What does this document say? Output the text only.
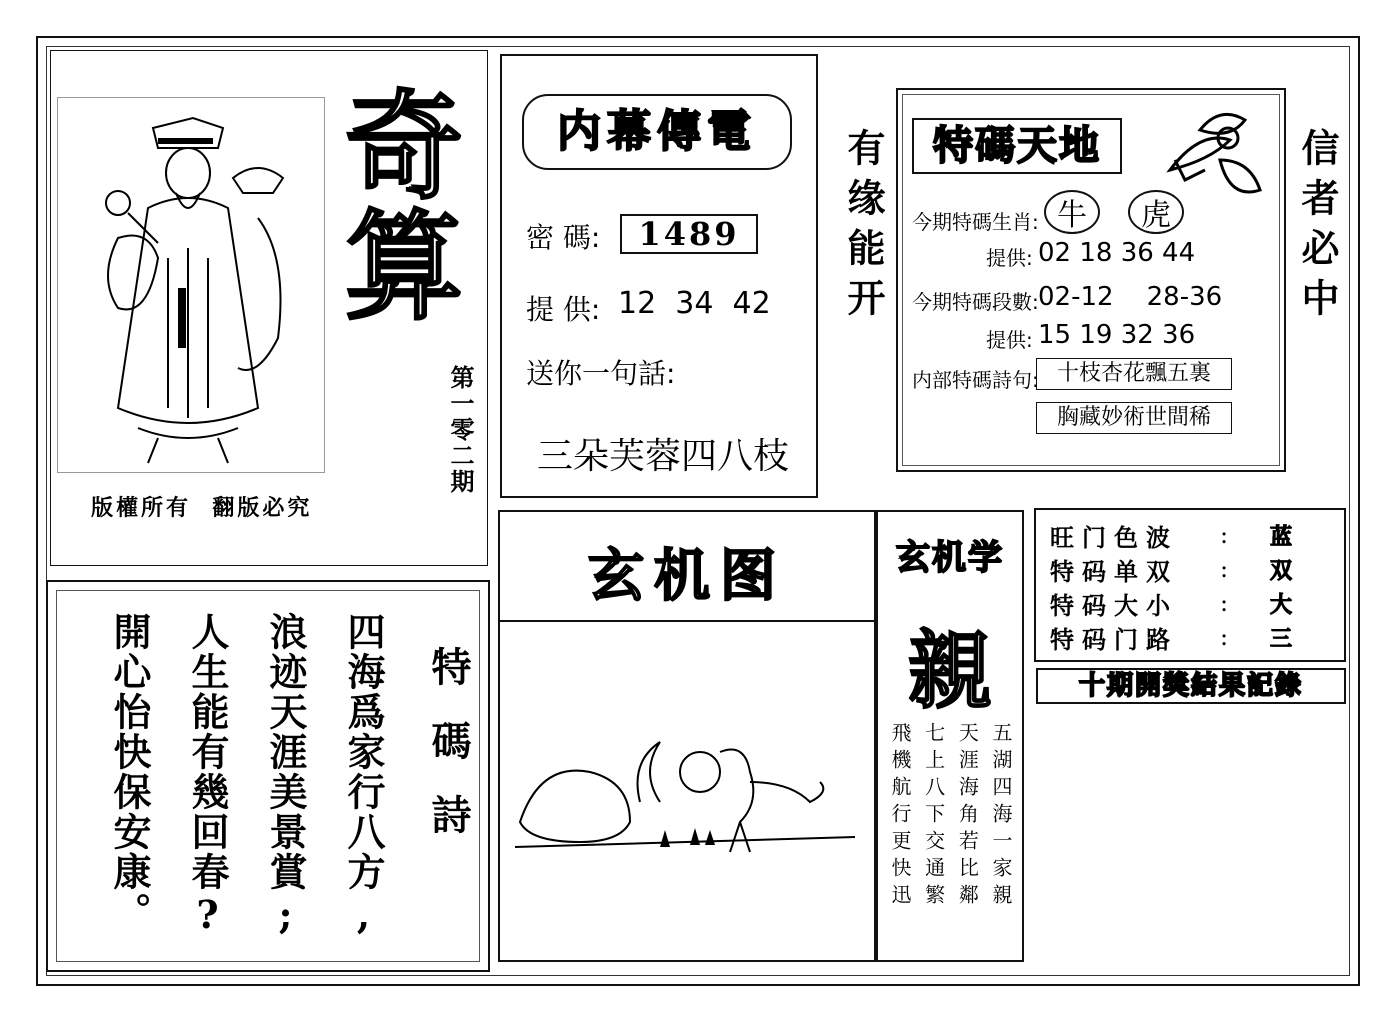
奇
算
第一零二期
版權所有  翻版必究
内幕傳電
密 碼:	1489
提 供: 12  34  42
送你一句話:
三朵芙蓉四八枝
有缘能开	信者必中
特碼天地
今期特碼生肖: 牛	虎
提供: 02 18 36 44
今期特碼段數: 02-12    28-36
提供: 15 19 32 36
内部特碼詩句: 十枝杏花飄五裏
胸藏妙術世間稀
玄机图	玄机学
親
五湖四海一家親
天涯海角若比鄰
七上八下交通繁
飛機航行更快迅
旺门色波	:	蓝
特码单双	:	双
特码大小	:	大
特码门路	:	三
十期開獎結果記錄
特碼詩
四海爲家行八方,
浪迹天涯美景賞;
人生能有幾回春?
開心怡快保安康。
